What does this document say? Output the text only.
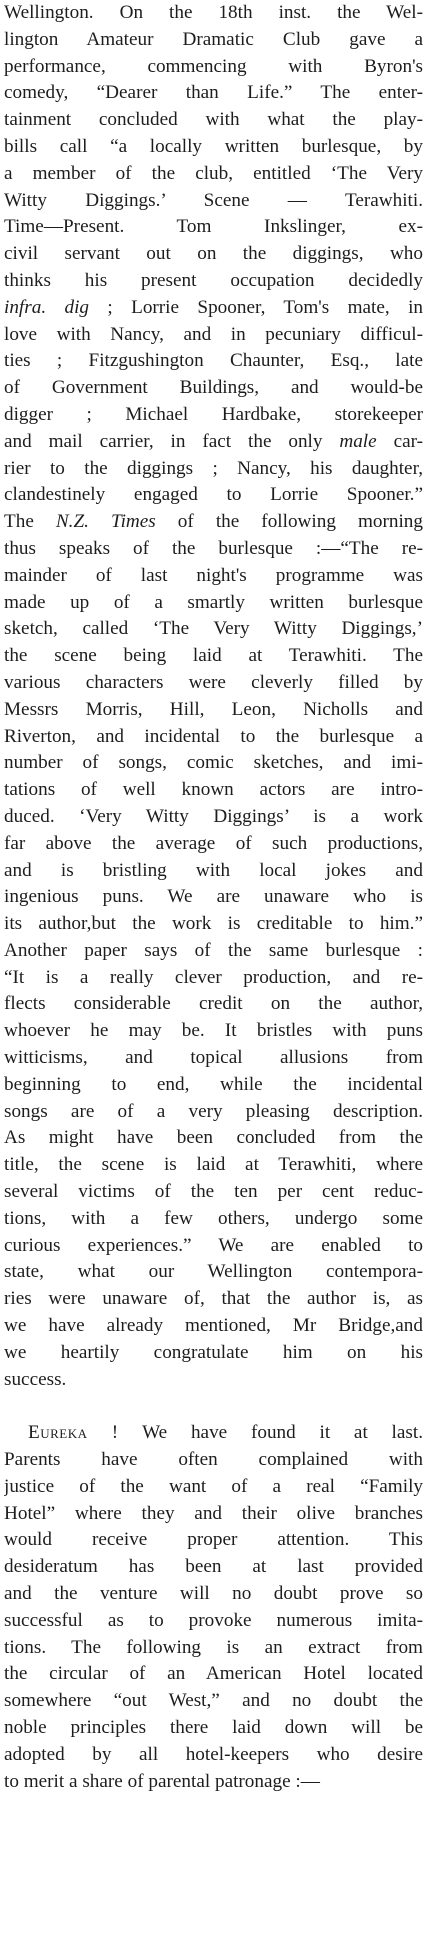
Wellington. On the 18th inst. the Wel-
lington Amateur Dramatic Club gave a
performance, commencing with Byron's
comedy, “Dearer than Life.” The enter-
tainment concluded with what the play-
bills call “a locally written burlesque, by
a member of the club, entitled ‘The Very
Witty Diggings.’ Scene — Terawhiti.
Time—Present. Tom Inkslinger, ex-
civil servant out on the diggings, who
thinks his present occupation decidedly
infra. dig ; Lorrie Spooner, Tom's mate, in
love with Nancy, and in pecuniary difficul-
ties ; Fitzgushington Chaunter, Esq., late
of Government Buildings, and would-be
digger ; Michael Hardbake, storekeeper
and mail carrier, in fact the only male car-
rier to the diggings ; Nancy, his daughter,
clandestinely engaged to Lorrie Spooner.”
The N.Z. Times of the following morning
thus speaks of the burlesque :—“The re-
mainder of last night's programme was
made up of a smartly written burlesque
sketch, called ‘The Very Witty Diggings,’
the scene being laid at Terawhiti. The
various characters were cleverly filled by
Messrs Morris, Hill, Leon, Nicholls and
Riverton, and incidental to the burlesque a
number of songs, comic sketches, and imi-
tations of well known actors are intro-
duced. ‘Very Witty Diggings’ is a work
far above the average of such productions,
and is bristling with local jokes and
ingenious puns. We are unaware who is
its author,but the work is creditable to him.”
Another paper says of the same burlesque :
“It is a really clever production, and re-
flects considerable credit on the author,
whoever he may be. It bristles with puns
witticisms, and topical allusions from
beginning to end, while the incidental
songs are of a very pleasing description.
As might have been concluded from the
title, the scene is laid at Terawhiti, where
several victims of the ten per cent reduc-
tions, with a few others, undergo some
curious experiences.” We are enabled to
state, what our Wellington contempora-
ries were unaware of, that the author is, as
we have already mentioned, Mr Bridge,and
we heartily congratulate him on his
success.
Eureka ! We have found it at last.
Parents have often complained with
justice of the want of a real “Family
Hotel” where they and their olive branches
would receive proper attention. This
desideratum has been at last provided
and the venture will no doubt prove so
successful as to provoke numerous imita-
tions. The following is an extract from
the circular of an American Hotel located
somewhere “out West,” and no doubt the
noble principles there laid down will be
adopted by all hotel-keepers who desire
to merit a share of parental patronage :—
